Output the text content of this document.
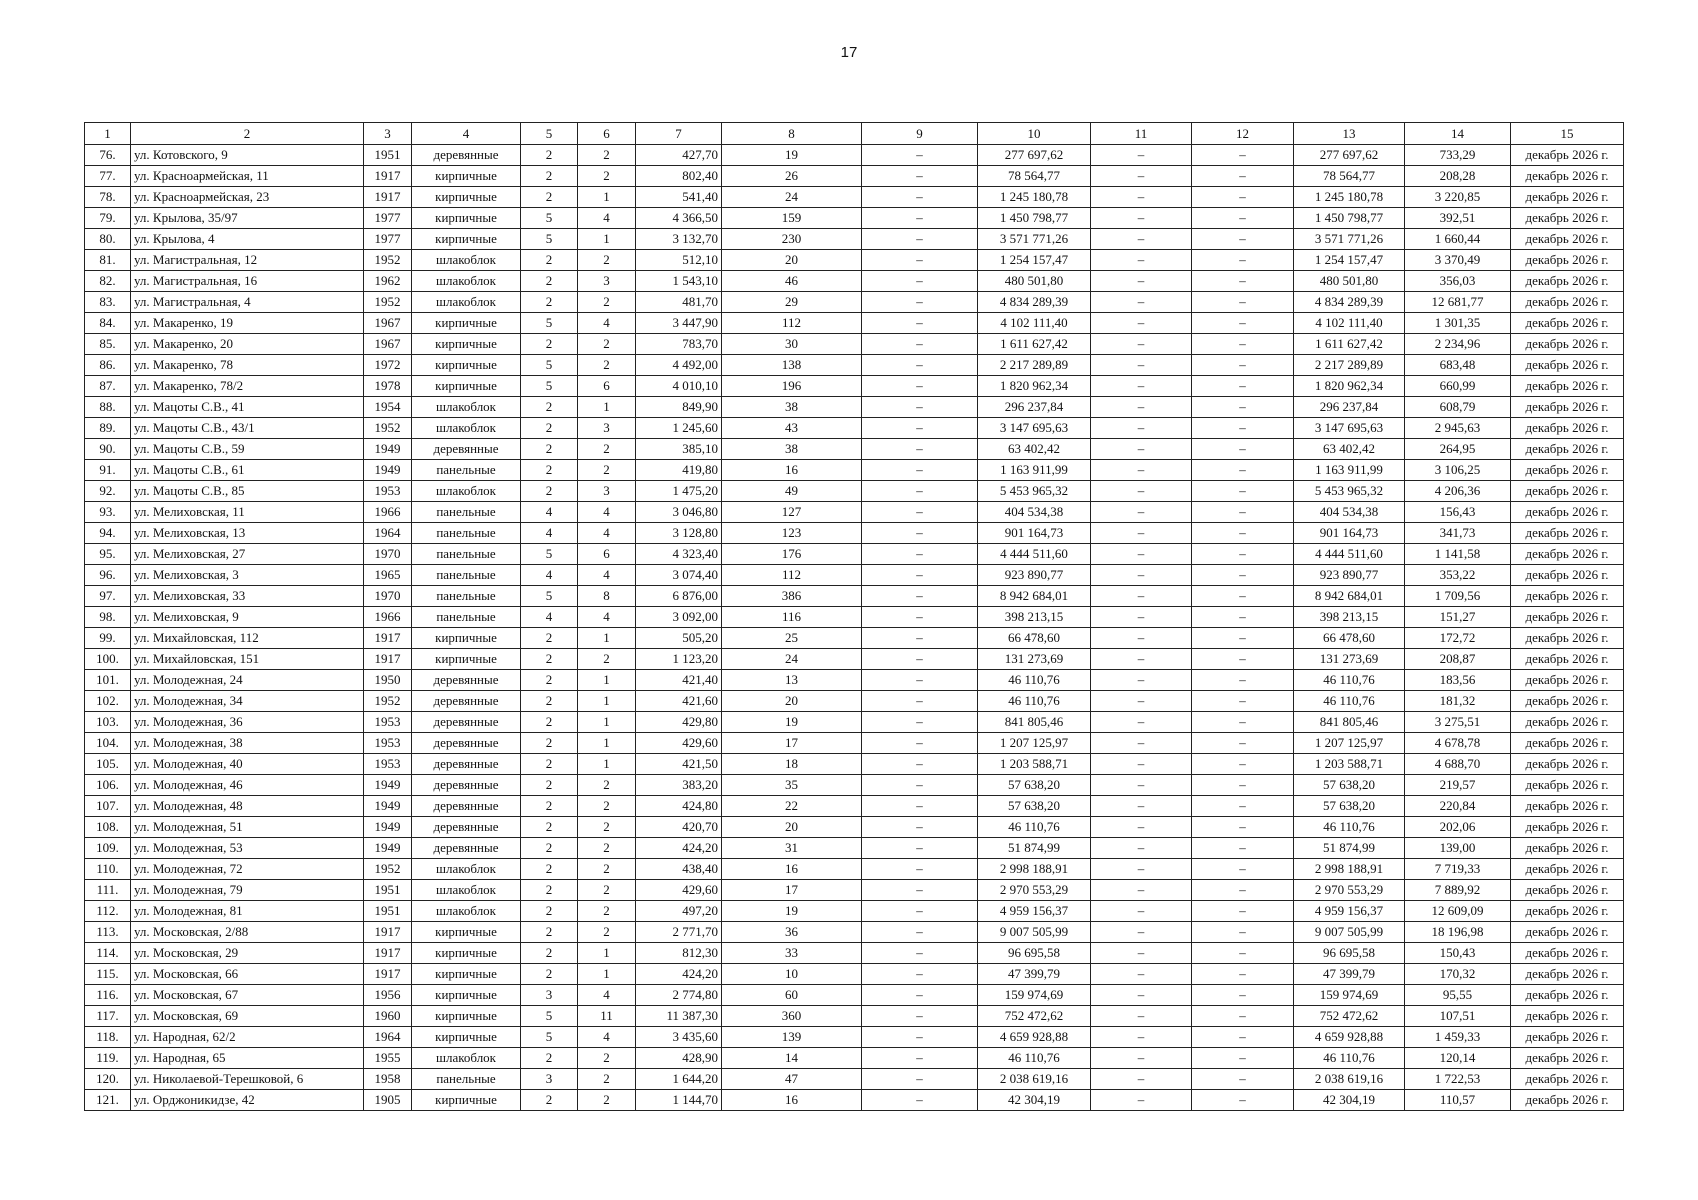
17
1	2	3	4	5	6	7	8	9	10	11	12	13	14	15
76.	ул. Котовского, 9	1951	деревянные	2	2	427,70	19	–	277 697,62	–	–	277 697,62	733,29	декабрь 2026 г.
77.	ул. Красноармейская, 11	1917	кирпичные	2	2	802,40	26	–	78 564,77	–	–	78 564,77	208,28	декабрь 2026 г.
78.	ул. Красноармейская, 23	1917	кирпичные	2	1	541,40	24	–	1 245 180,78	–	–	1 245 180,78	3 220,85	декабрь 2026 г.
79.	ул. Крылова, 35/97	1977	кирпичные	5	4	4 366,50	159	–	1 450 798,77	–	–	1 450 798,77	392,51	декабрь 2026 г.
80.	ул. Крылова, 4	1977	кирпичные	5	1	3 132,70	230	–	3 571 771,26	–	–	3 571 771,26	1 660,44	декабрь 2026 г.
81.	ул. Магистральная, 12	1952	шлакоблок	2	2	512,10	20	–	1 254 157,47	–	–	1 254 157,47	3 370,49	декабрь 2026 г.
82.	ул. Магистральная, 16	1962	шлакоблок	2	3	1 543,10	46	–	480 501,80	–	–	480 501,80	356,03	декабрь 2026 г.
83.	ул. Магистральная, 4	1952	шлакоблок	2	2	481,70	29	–	4 834 289,39	–	–	4 834 289,39	12 681,77	декабрь 2026 г.
84.	ул. Макаренко, 19	1967	кирпичные	5	4	3 447,90	112	–	4 102 111,40	–	–	4 102 111,40	1 301,35	декабрь 2026 г.
85.	ул. Макаренко, 20	1967	кирпичные	2	2	783,70	30	–	1 611 627,42	–	–	1 611 627,42	2 234,96	декабрь 2026 г.
86.	ул. Макаренко, 78	1972	кирпичные	5	2	4 492,00	138	–	2 217 289,89	–	–	2 217 289,89	683,48	декабрь 2026 г.
87.	ул. Макаренко, 78/2	1978	кирпичные	5	6	4 010,10	196	–	1 820 962,34	–	–	1 820 962,34	660,99	декабрь 2026 г.
88.	ул. Мацоты С.В., 41	1954	шлакоблок	2	1	849,90	38	–	296 237,84	–	–	296 237,84	608,79	декабрь 2026 г.
89.	ул. Мацоты С.В., 43/1	1952	шлакоблок	2	3	1 245,60	43	–	3 147 695,63	–	–	3 147 695,63	2 945,63	декабрь 2026 г.
90.	ул. Мацоты С.В., 59	1949	деревянные	2	2	385,10	38	–	63 402,42	–	–	63 402,42	264,95	декабрь 2026 г.
91.	ул. Мацоты С.В., 61	1949	панельные	2	2	419,80	16	–	1 163 911,99	–	–	1 163 911,99	3 106,25	декабрь 2026 г.
92.	ул. Мацоты С.В., 85	1953	шлакоблок	2	3	1 475,20	49	–	5 453 965,32	–	–	5 453 965,32	4 206,36	декабрь 2026 г.
93.	ул. Мелиховская, 11	1966	панельные	4	4	3 046,80	127	–	404 534,38	–	–	404 534,38	156,43	декабрь 2026 г.
94.	ул. Мелиховская, 13	1964	панельные	4	4	3 128,80	123	–	901 164,73	–	–	901 164,73	341,73	декабрь 2026 г.
95.	ул. Мелиховская, 27	1970	панельные	5	6	4 323,40	176	–	4 444 511,60	–	–	4 444 511,60	1 141,58	декабрь 2026 г.
96.	ул. Мелиховская, 3	1965	панельные	4	4	3 074,40	112	–	923 890,77	–	–	923 890,77	353,22	декабрь 2026 г.
97.	ул. Мелиховская, 33	1970	панельные	5	8	6 876,00	386	–	8 942 684,01	–	–	8 942 684,01	1 709,56	декабрь 2026 г.
98.	ул. Мелиховская, 9	1966	панельные	4	4	3 092,00	116	–	398 213,15	–	–	398 213,15	151,27	декабрь 2026 г.
99.	ул. Михайловская, 112	1917	кирпичные	2	1	505,20	25	–	66 478,60	–	–	66 478,60	172,72	декабрь 2026 г.
100.	ул. Михайловская, 151	1917	кирпичные	2	2	1 123,20	24	–	131 273,69	–	–	131 273,69	208,87	декабрь 2026 г.
101.	ул. Молодежная, 24	1950	деревянные	2	1	421,40	13	–	46 110,76	–	–	46 110,76	183,56	декабрь 2026 г.
102.	ул. Молодежная, 34	1952	деревянные	2	1	421,60	20	–	46 110,76	–	–	46 110,76	181,32	декабрь 2026 г.
103.	ул. Молодежная, 36	1953	деревянные	2	1	429,80	19	–	841 805,46	–	–	841 805,46	3 275,51	декабрь 2026 г.
104.	ул. Молодежная, 38	1953	деревянные	2	1	429,60	17	–	1 207 125,97	–	–	1 207 125,97	4 678,78	декабрь 2026 г.
105.	ул. Молодежная, 40	1953	деревянные	2	1	421,50	18	–	1 203 588,71	–	–	1 203 588,71	4 688,70	декабрь 2026 г.
106.	ул. Молодежная, 46	1949	деревянные	2	2	383,20	35	–	57 638,20	–	–	57 638,20	219,57	декабрь 2026 г.
107.	ул. Молодежная, 48	1949	деревянные	2	2	424,80	22	–	57 638,20	–	–	57 638,20	220,84	декабрь 2026 г.
108.	ул. Молодежная, 51	1949	деревянные	2	2	420,70	20	–	46 110,76	–	–	46 110,76	202,06	декабрь 2026 г.
109.	ул. Молодежная, 53	1949	деревянные	2	2	424,20	31	–	51 874,99	–	–	51 874,99	139,00	декабрь 2026 г.
110.	ул. Молодежная, 72	1952	шлакоблок	2	2	438,40	16	–	2 998 188,91	–	–	2 998 188,91	7 719,33	декабрь 2026 г.
111.	ул. Молодежная, 79	1951	шлакоблок	2	2	429,60	17	–	2 970 553,29	–	–	2 970 553,29	7 889,92	декабрь 2026 г.
112.	ул. Молодежная, 81	1951	шлакоблок	2	2	497,20	19	–	4 959 156,37	–	–	4 959 156,37	12 609,09	декабрь 2026 г.
113.	ул. Московская, 2/88	1917	кирпичные	2	2	2 771,70	36	–	9 007 505,99	–	–	9 007 505,99	18 196,98	декабрь 2026 г.
114.	ул. Московская, 29	1917	кирпичные	2	1	812,30	33	–	96 695,58	–	–	96 695,58	150,43	декабрь 2026 г.
115.	ул. Московская, 66	1917	кирпичные	2	1	424,20	10	–	47 399,79	–	–	47 399,79	170,32	декабрь 2026 г.
116.	ул. Московская, 67	1956	кирпичные	3	4	2 774,80	60	–	159 974,69	–	–	159 974,69	95,55	декабрь 2026 г.
117.	ул. Московская, 69	1960	кирпичные	5	11	11 387,30	360	–	752 472,62	–	–	752 472,62	107,51	декабрь 2026 г.
118.	ул. Народная, 62/2	1964	кирпичные	5	4	3 435,60	139	–	4 659 928,88	–	–	4 659 928,88	1 459,33	декабрь 2026 г.
119.	ул. Народная, 65	1955	шлакоблок	2	2	428,90	14	–	46 110,76	–	–	46 110,76	120,14	декабрь 2026 г.
120.	ул. Николаевой-Терешковой, 6	1958	панельные	3	2	1 644,20	47	–	2 038 619,16	–	–	2 038 619,16	1 722,53	декабрь 2026 г.
121.	ул. Орджоникидзе, 42	1905	кирпичные	2	2	1 144,70	16	–	42 304,19	–	–	42 304,19	110,57	декабрь 2026 г.
